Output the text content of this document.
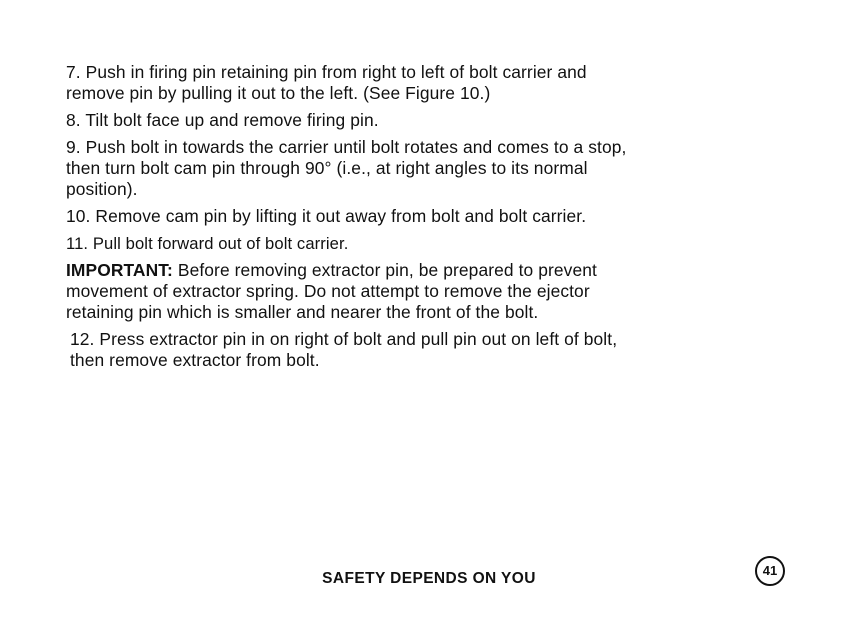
7. Push in firing pin retaining pin from right to left of bolt carrier and
remove pin by pulling it out to the left. (See Figure 10.)

8. Tilt bolt face up and remove firing pin.

9. Push bolt in towards the carrier until bolt rotates and comes to a stop,
then turn bolt cam pin through 90° (i.e., at right angles to its normal
position).

10. Remove cam pin by lifting it out away from bolt and bolt carrier.

11. Pull bolt forward out of bolt carrier.

IMPORTANT: Before removing extractor pin, be prepared to prevent
movement of extractor spring. Do not attempt to remove the ejector
retaining pin which is smaller and nearer the front of the bolt.

12. Press extractor pin in on right of bolt and pull pin out on left of bolt,
then remove extractor from bolt.

SAFETY DEPENDS ON YOU	41
